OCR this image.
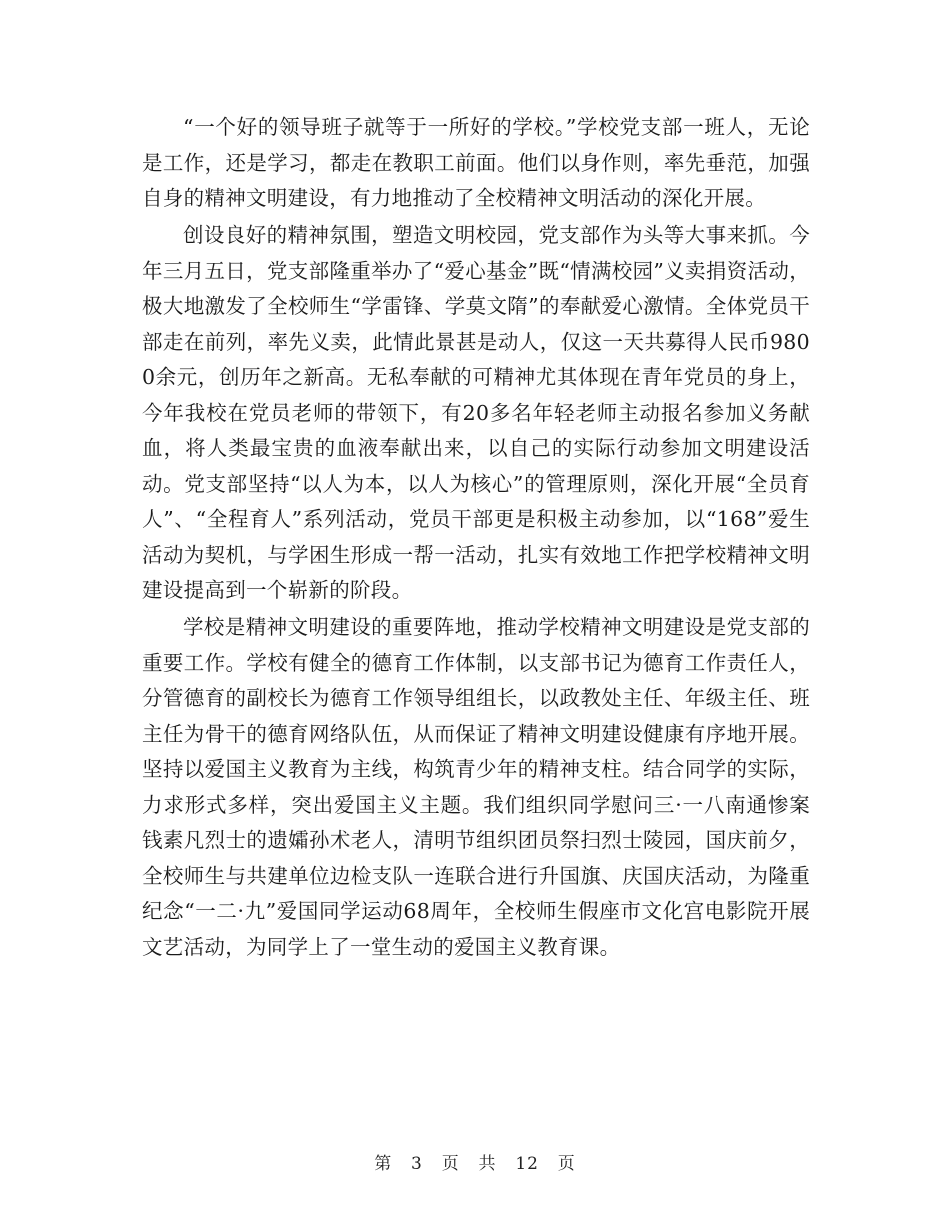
“一个好的领导班子就等于一所好的学校。”学校党支部一班人，无论是工作，还是学习，都走在教职工前面。他们以身作则，率先垂范，加强自身的精神文明建设，有力地推动了全校精神文明活动的深化开展。

创设良好的精神氛围，塑造文明校园，党支部作为头等大事来抓。今年三月五日，党支部隆重举办了“爱心基金”既“情满校园”义卖捐资活动，极大地激发了全校师生“学雷锋、学莫文隋”的奉献爱心激情。全体党员干部走在前列，率先义卖，此情此景甚是动人，仅这一天共募得人民币9800余元，创历年之新高。无私奉献的可精神尤其体现在青年党员的身上，今年我校在党员老师的带领下，有20多名年轻老师主动报名参加义务献血，将人类最宝贵的血液奉献出来，以自己的实际行动参加文明建设活动。党支部坚持“以人为本，以人为核心”的管理原则，深化开展“全员育人”、“全程育人”系列活动，党员干部更是积极主动参加，以“168”爱生活动为契机，与学困生形成一帮一活动，扎实有效地工作把学校精神文明建设提高到一个崭新的阶段。

学校是精神文明建设的重要阵地，推动学校精神文明建设是党支部的重要工作。学校有健全的德育工作体制，以支部书记为德育工作责任人，分管德育的副校长为德育工作领导组组长，以政教处主任、年级主任、班主任为骨干的德育网络队伍，从而保证了精神文明建设健康有序地开展。坚持以爱国主义教育为主线，构筑青少年的精神支柱。结合同学的实际，力求形式多样，突出爱国主义主题。我们组织同学慰问三·一八南通惨案钱素凡烈士的遗孀孙术老人，清明节组织团员祭扫烈士陵园，国庆前夕，全校师生与共建单位边检支队一连联合进行升国旗、庆国庆活动，为隆重纪念“一二·九”爱国同学运动68周年，全校师生假座市文化宫电影院开展文艺活动，为同学上了一堂生动的爱国主义教育课。

第 3 页 共 12 页
